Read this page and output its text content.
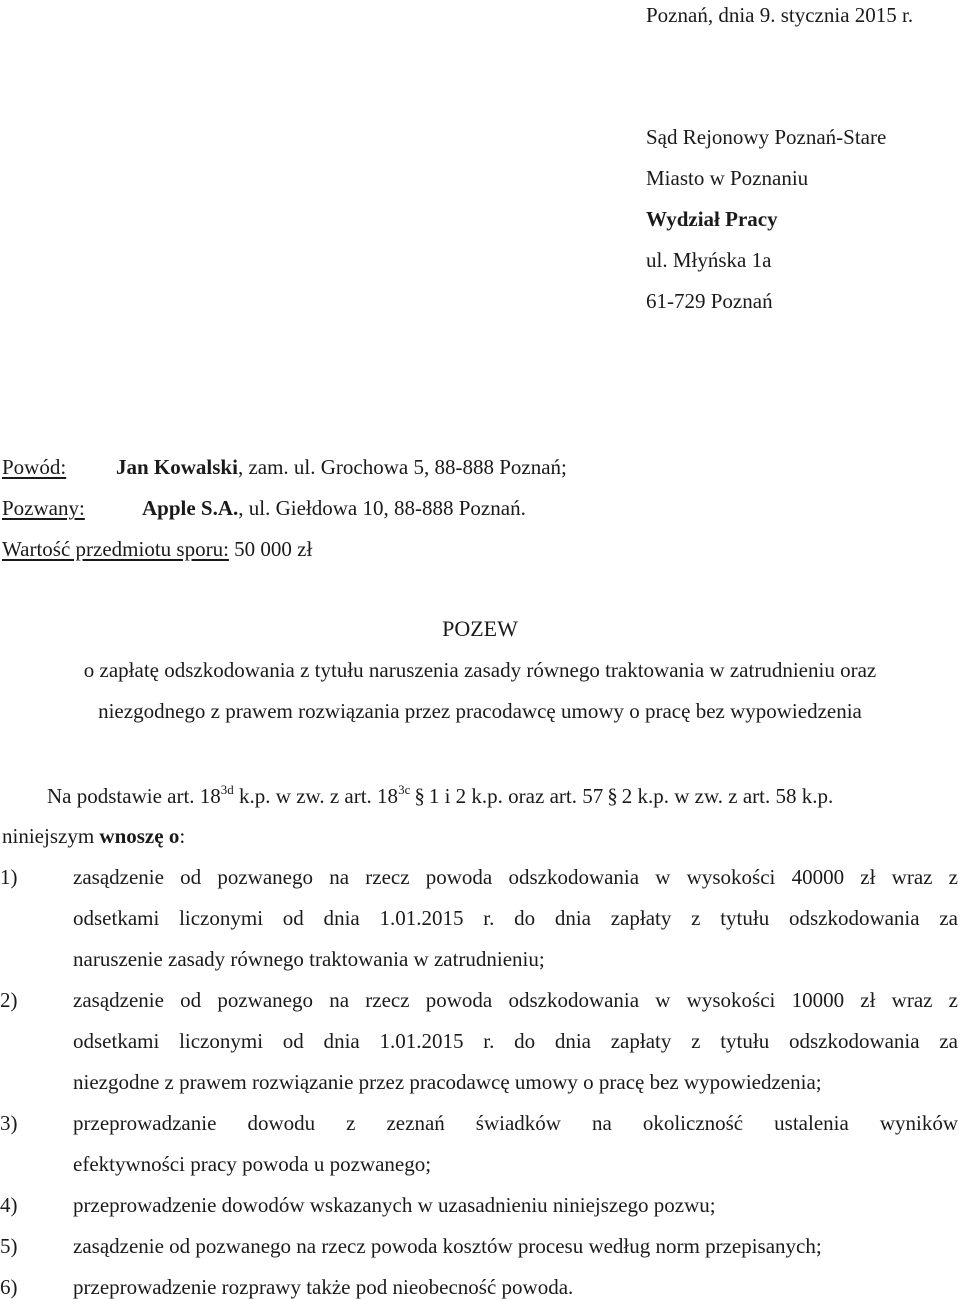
Poznań, dnia 9. stycznia 2015 r.
Sąd Rejonowy Poznań-Stare
Miasto w Poznaniu
Wydział Pracy
ul. Młyńska 1a
61-729 Poznań
Powód: Jan Kowalski, zam. ul. Grochowa 5, 88-888 Poznań;
Pozwany:	Apple S.A., ul. Giełdowa 10, 88-888 Poznań.
Wartość przedmiotu sporu: 50 000 zł
POZEW
o zapłatę odszkodowania z tytułu naruszenia zasady równego traktowania w zatrudnieniu oraz
niezgodnego z prawem rozwiązania przez pracodawcę umowy o pracę bez wypowiedzenia
Na podstawie art. $18^{3d}$ k.p. w zw. z art. $18^{3c}$ § 1 i 2 k.p. oraz art. 57 § 2 k.p. w zw. z art. 58 k.p.
niniejszym wnoszę o:
1)	zasądzenie od pozwanego na rzecz powoda odszkodowania w wysokości 40000 zł wraz z
odsetkami liczonymi od dnia 1.01.2015 r. do dnia zapłaty z tytułu odszkodowania za
naruszenie zasady równego traktowania w zatrudnieniu;
2)	zasądzenie od pozwanego na rzecz powoda odszkodowania w wysokości 10000 zł wraz z
odsetkami liczonymi od dnia 1.01.2015 r. do dnia zapłaty z tytułu odszkodowania za
niezgodne z prawem rozwiązanie przez pracodawcę umowy o pracę bez wypowiedzenia;
3)	przeprowadzanie dowodu z zeznań świadków na okoliczność ustalenia wyników
efektywności pracy powoda u pozwanego;
4)	przeprowadzenie dowodów wskazanych w uzasadnieniu niniejszego pozwu;
5)	zasądzenie od pozwanego na rzecz powoda kosztów procesu według norm przepisanych;
6)	przeprowadzenie rozprawy także pod nieobecność powoda.
